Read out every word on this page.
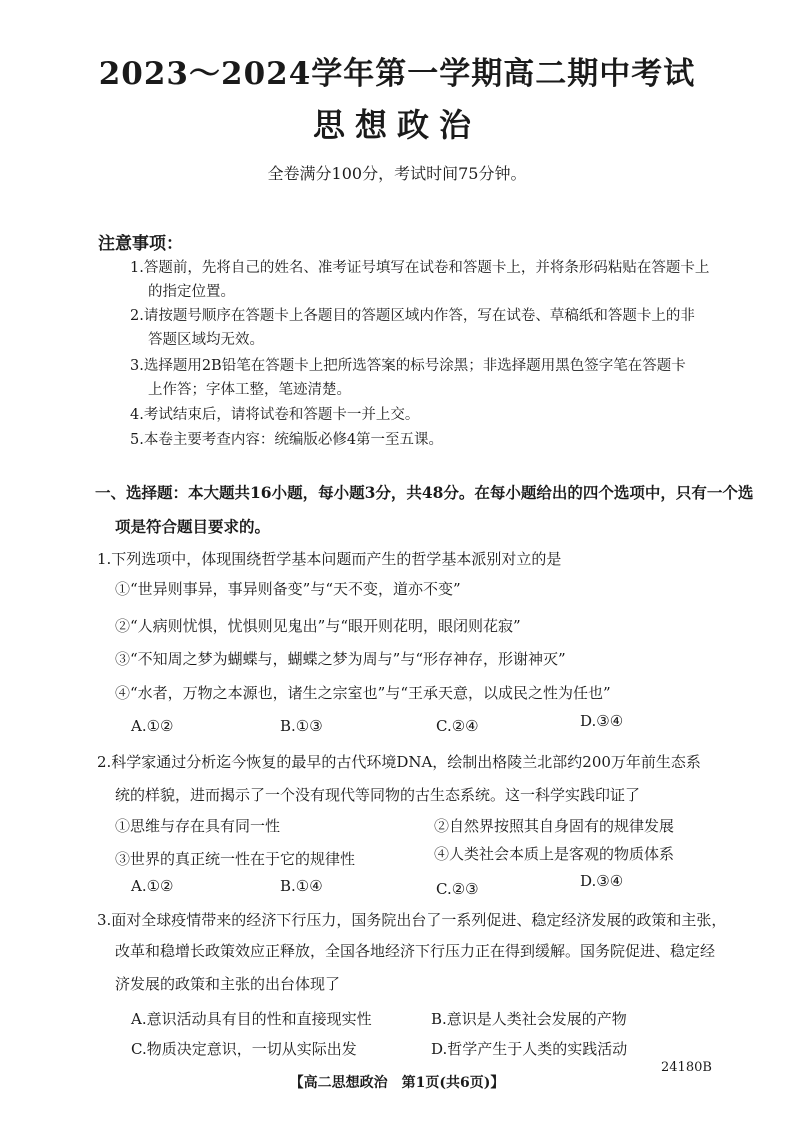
2023～2024学年第一学期高二期中考试
思想政治
全卷满分100分，考试时间75分钟。
注意事项：
1.答题前，先将自己的姓名、准考证号填写在试卷和答题卡上，并将条形码粘贴在答题卡上
的指定位置。
2.请按题号顺序在答题卡上各题目的答题区域内作答，写在试卷、草稿纸和答题卡上的非
答题区域均无效。
3.选择题用2B铅笔在答题卡上把所选答案的标号涂黑；非选择题用黑色签字笔在答题卡
上作答；字体工整，笔迹清楚。
4.考试结束后，请将试卷和答题卡一并上交。
5.本卷主要考查内容：统编版必修4第一至五课。
一、选择题：本大题共16小题，每小题3分，共48分。在每小题给出的四个选项中，只有一个选
项是符合题目要求的。
1.下列选项中，体现围绕哲学基本问题而产生的哲学基本派别对立的是
①“世异则事异，事异则备变”与“天不变，道亦不变”
②“人病则忧惧，忧惧则见鬼出”与“眼开则花明，眼闭则花寂”
③“不知周之梦为蝴蝶与，蝴蝶之梦为周与”与“形存神存，形谢神灭”
④“水者，万物之本源也，诸生之宗室也”与“王承天意，以成民之性为任也”
A.①②	B.①③	C.②④	D.③④
2.科学家通过分析迄今恢复的最早的古代环境DNA，绘制出格陵兰北部约200万年前生态系
统的样貌，进而揭示了一个没有现代等同物的古生态系统。这一科学实践印证了
①思维与存在具有同一性	②自然界按照其自身固有的规律发展
③世界的真正统一性在于它的规律性	④人类社会本质上是客观的物质体系
A.①②	B.①④	C.②③	D.③④
3.面对全球疫情带来的经济下行压力，国务院出台了一系列促进、稳定经济发展的政策和主张，
改革和稳增长政策效应正释放，全国各地经济下行压力正在得到缓解。国务院促进、稳定经
济发展的政策和主张的出台体现了
A.意识活动具有目的性和直接现实性	B.意识是人类社会发展的产物
C.物质决定意识，一切从实际出发	D.哲学产生于人类的实践活动
24180B
【高二思想政治　第1页(共6页)】
